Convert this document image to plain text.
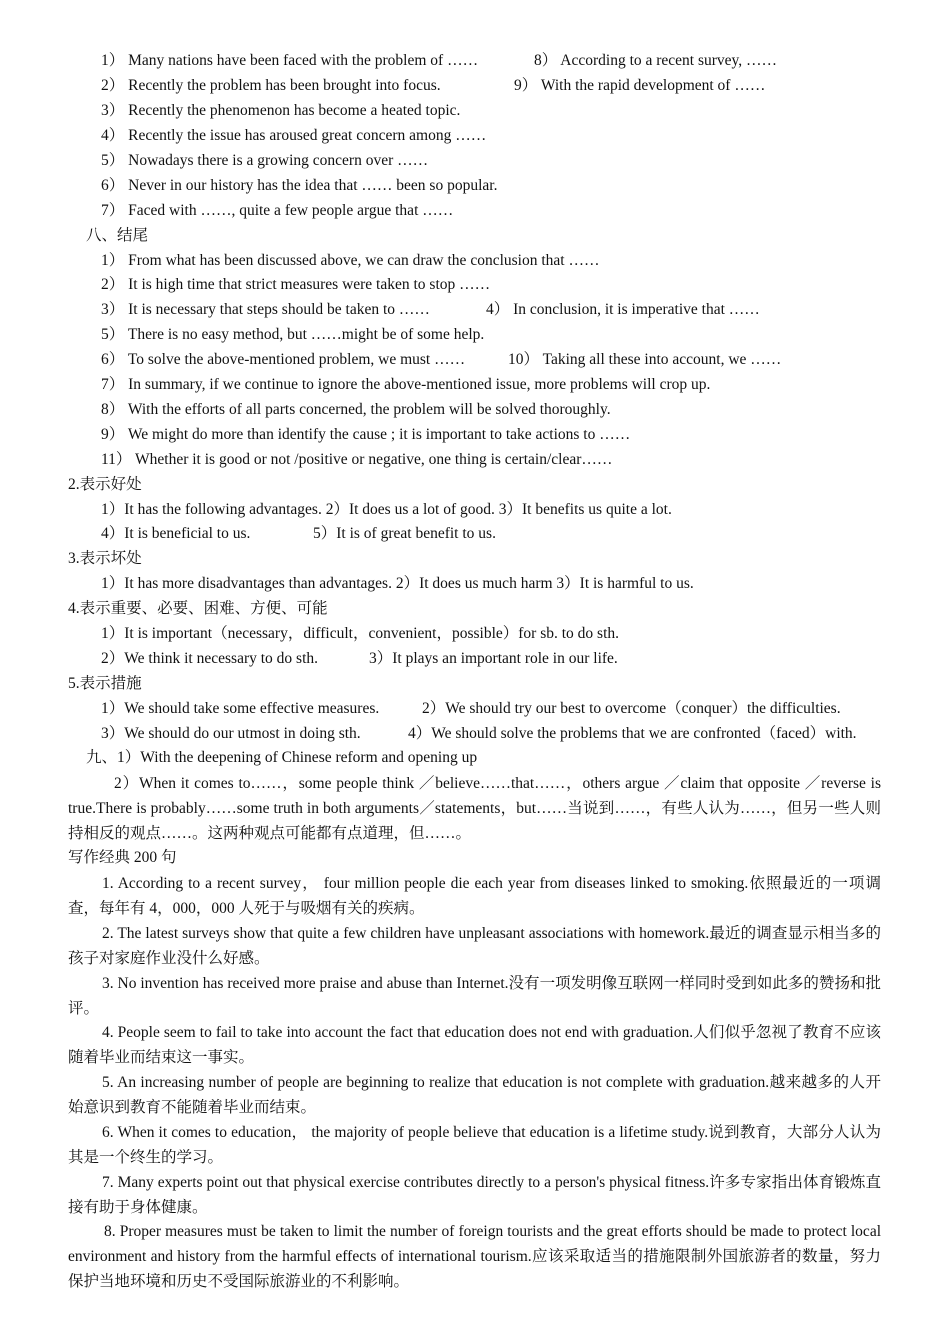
1） Many nations have been faced with the problem of ……	8） According to a recent survey, ……
2） Recently the problem has been brought into focus.	9） With the rapid development of ……
3） Recently the phenomenon has become a heated topic.
4） Recently the issue has aroused great concern among ……
5） Nowadays there is a growing concern over ……
6） Never in our history has the idea that …… been so popular.
7） Faced with ……, quite a few people argue that ……
八、结尾
1） From what has been discussed above, we can draw the conclusion that ……
2） It is high time that strict measures were taken to stop ……
3） It is necessary that steps should be taken to ……	4） In conclusion, it is imperative that ……
5） There is no easy method, but ……might be of some help.
6） To solve the above-mentioned problem, we must ……	10） Taking all these into account, we ……
7） In summary, if we continue to ignore the above-mentioned issue, more problems will crop up.
8） With the efforts of all parts concerned, the problem will be solved thoroughly.
9） We might do more than identify the cause ; it is important to take actions to ……
11） Whether it is good or not /positive or negative, one thing is certain/clear……
2.表示好处
1）It has the following advantages. 2）It does us a lot of good. 3）It benefits us quite a lot.
4）It is beneficial to us.	5）It is of great benefit to us.
3.表示坏处
1）It has more disadvantages than advantages. 2）It does us much harm 3）It is harmful to us.
4.表示重要、必要、困难、方便、可能
1）It is important（necessary，difficult，convenient，possible）for sb. to do sth.
2）We think it necessary to do sth.	3）It plays an important role in our life.
5.表示措施
1）We should take some effective measures.	2）We should try our best to overcome（conquer）the difficulties.
3）We should do our utmost in doing sth.	4）We should solve the problems that we are confronted（faced）with.
九、1）With the deepening of Chinese reform and opening up
2）When it comes to……，some people think ／believe……that……，others argue ／claim that opposite ／reverse is true.There is probably……some truth in both arguments／statements，but……当说到……，有些人认为……，但另一些人则持相反的观点……。这两种观点可能都有点道理，但……。
写作经典 200 句
1. According to a recent survey， four million people die each year from diseases linked to smoking.依照最近的一项调查，每年有 4，000，000 人死于与吸烟有关的疾病。
2. The latest surveys show that quite a few children have unpleasant associations with homework.最近的调查显示相当多的孩子对家庭作业没什么好感。
3. No invention has received more praise and abuse than Internet.没有一项发明像互联网一样同时受到如此多的赞扬和批评。
4. People seem to fail to take into account the fact that education does not end with graduation.人们似乎忽视了教育不应该随着毕业而结束这一事实。
5. An increasing number of people are beginning to realize that education is not complete with graduation.越来越多的人开始意识到教育不能随着毕业而结束。
6. When it comes to education， the majority of people believe that education is a lifetime study.说到教育，大部分人认为其是一个终生的学习。
7. Many experts point out that physical exercise contributes directly to a person's physical fitness.许多专家指出体育锻炼直接有助于身体健康。
8. Proper measures must be taken to limit the number of foreign tourists and the great efforts should be made to protect local environment and history from the harmful effects of international tourism.应该采取适当的措施限制外国旅游者的数量，努力保护当地环境和历史不受国际旅游业的不利影响。
